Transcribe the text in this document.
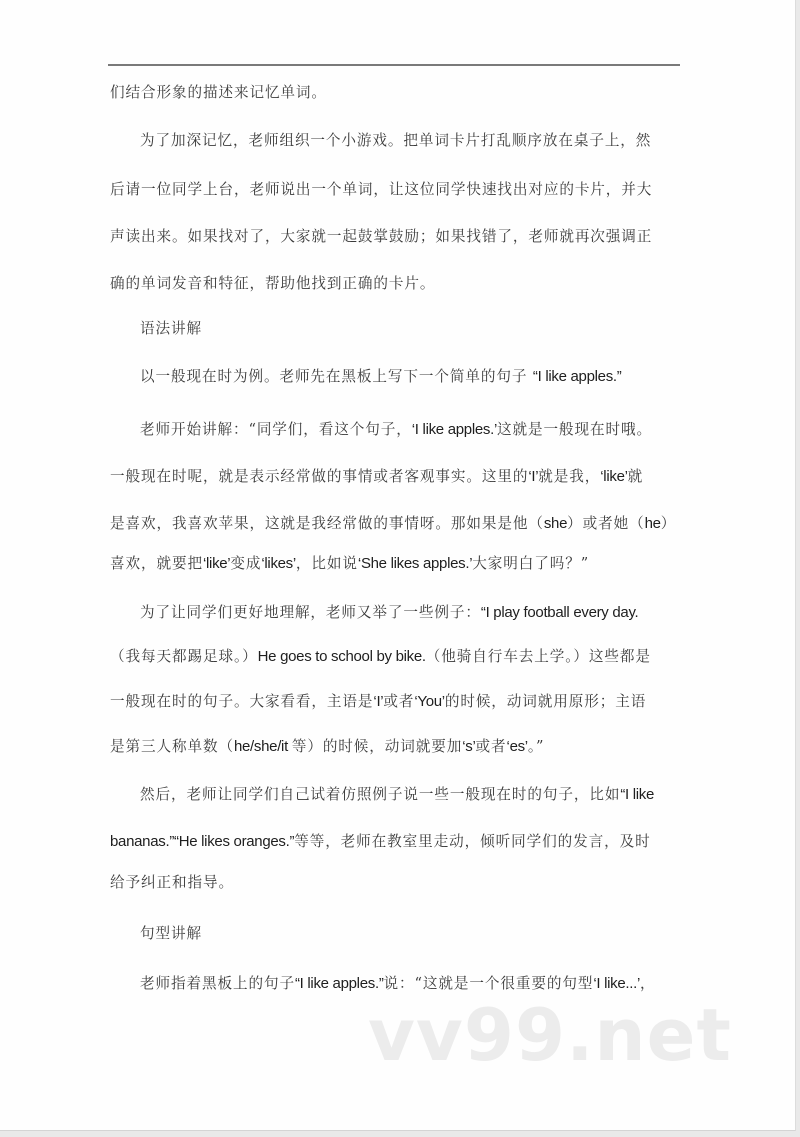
们结合形象的描述来记忆单词。
为了加深记忆，老师组织一个小游戏。把单词卡片打乱顺序放在桌子上，然
后请一位同学上台，老师说出一个单词，让这位同学快速找出对应的卡片，并大
声读出来。如果找对了，大家就一起鼓掌鼓励；如果找错了，老师就再次强调正
确的单词发音和特征，帮助他找到正确的卡片。
语法讲解
以一般现在时为例。老师先在黑板上写下一个简单的句子 “I like apples.”
老师开始讲解：“同学们，看这个句子，‘I like apples.’这就是一般现在时哦。
一般现在时呢，就是表示经常做的事情或者客观事实。这里的‘I’就是我，‘like’就
是喜欢，我喜欢苹果，这就是我经常做的事情呀。那如果是他（she）或者她（he）
喜欢，就要把‘like’变成‘likes’，比如说‘She likes apples.’大家明白了吗？”
为了让同学们更好地理解，老师又举了一些例子：“I play football every day.
（我每天都踢足球。）He goes to school by bike.（他骑自行车去上学。）这些都是
一般现在时的句子。大家看看，主语是‘I’或者‘You’的时候，动词就用原形；主语
是第三人称单数（he/she/it 等）的时候，动词就要加‘s’或者‘es’。”
然后，老师让同学们自己试着仿照例子说一些一般现在时的句子，比如“I like
bananas.”“He likes oranges.”等等，老师在教室里走动，倾听同学们的发言，及时
给予纠正和指导。
句型讲解
老师指着黑板上的句子“I like apples.”说：“这就是一个很重要的句型‘I like...’，
vv99.net
